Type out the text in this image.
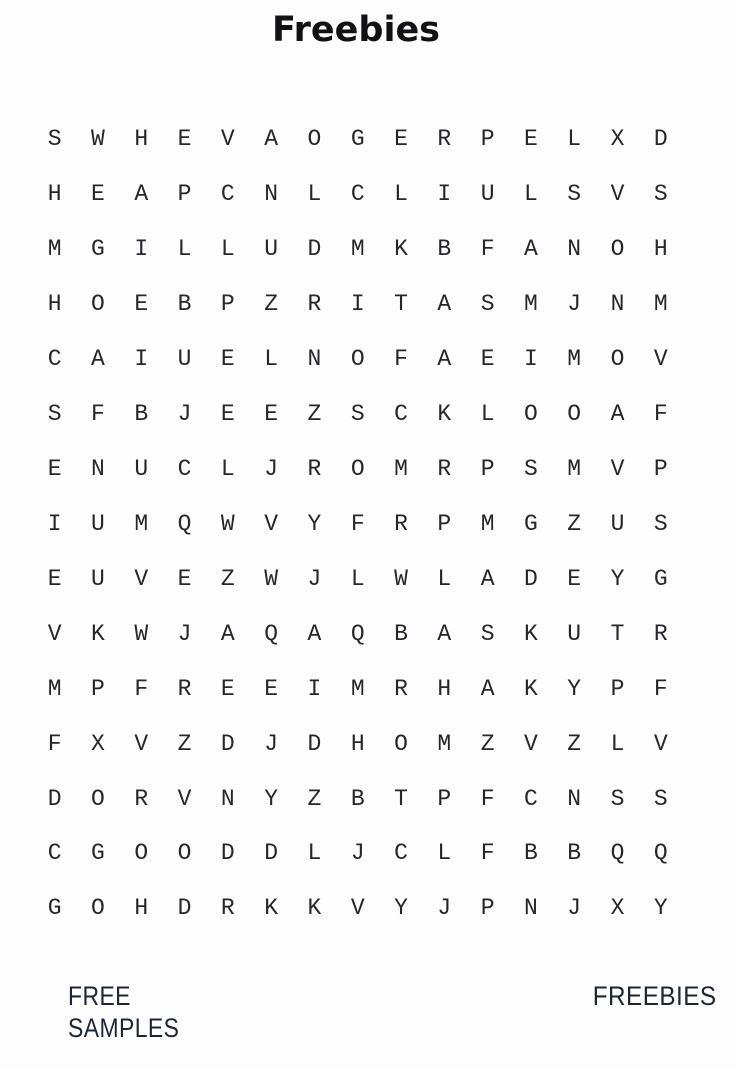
Freebies
S	W	H	E	V	A	O	G	E	R	P	E	L	X	D
H	E	A	P	C	N	L	C	L	I	U	L	S	V	S
M	G	I	L	L	U	D	M	K	B	F	A	N	O	H
H	O	E	B	P	Z	R	I	T	A	S	M	J	N	M
C	A	I	U	E	L	N	O	F	A	E	I	M	O	V
S	F	B	J	E	E	Z	S	C	K	L	O	O	A	F
E	N	U	C	L	J	R	O	M	R	P	S	M	V	P
I	U	M	Q	W	V	Y	F	R	P	M	G	Z	U	S
E	U	V	E	Z	W	J	L	W	L	A	D	E	Y	G
V	K	W	J	A	Q	A	Q	B	A	S	K	U	T	R
M	P	F	R	E	E	I	M	R	H	A	K	Y	P	F
F	X	V	Z	D	J	D	H	O	M	Z	V	Z	L	V
D	O	R	V	N	Y	Z	B	T	P	F	C	N	S	S
C	G	O	O	D	D	L	J	C	L	F	B	B	Q	Q
G	O	H	D	R	K	K	V	Y	J	P	N	J	X	Y
FREE SAMPLES
FREEBIES
